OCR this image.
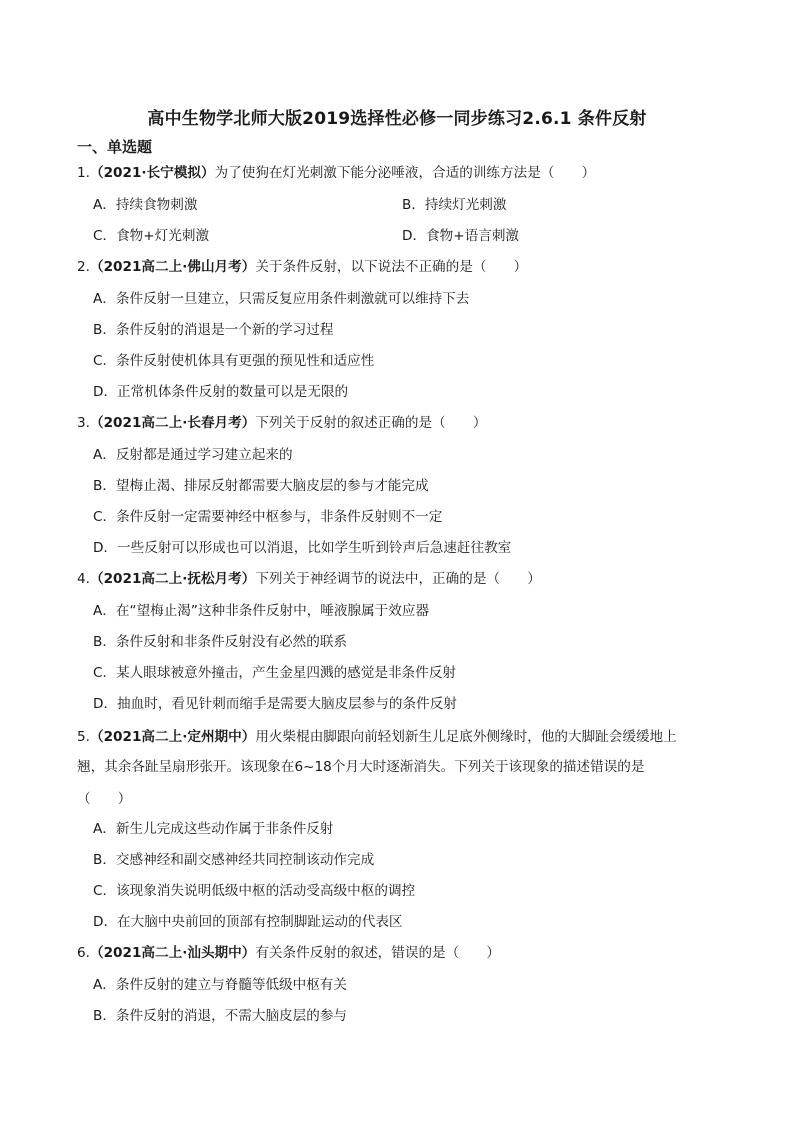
高中生物学北师大版2019选择性必修一同步练习2.6.1 条件反射
一、单选题
1.（2021·长宁模拟）为了使狗在灯光刺激下能分泌唾液，合适的训练方法是（　　）
A．持续食物刺激	B．持续灯光刺激
C．食物+灯光刺激	D．食物+语言刺激
2.（2021高二上·佛山月考）关于条件反射，以下说法不正确的是（　　）
A．条件反射一旦建立，只需反复应用条件刺激就可以维持下去
B．条件反射的消退是一个新的学习过程
C．条件反射使机体具有更强的预见性和适应性
D．正常机体条件反射的数量可以是无限的
3.（2021高二上·长春月考）下列关于反射的叙述正确的是（　　）
A．反射都是通过学习建立起来的
B．望梅止渴、排尿反射都需要大脑皮层的参与才能完成
C．条件反射一定需要神经中枢参与，非条件反射则不一定
D．一些反射可以形成也可以消退，比如学生听到铃声后急速赶往教室
4.（2021高二上·抚松月考）下列关于神经调节的说法中，正确的是（　　）
A．在“望梅止渴”这种非条件反射中，唾液腺属于效应器
B．条件反射和非条件反射没有必然的联系
C．某人眼球被意外撞击，产生金星四溅的感觉是非条件反射
D．抽血时，看见针刺而缩手是需要大脑皮层参与的条件反射
5.（2021高二上·定州期中）用火柴棍由脚跟向前轻划新生儿足底外侧缘时，他的大脚趾会缓缓地上
翘，其余各趾呈扇形张开。该现象在6~18个月大时逐渐消失。下列关于该现象的描述错误的是
（　　）
A．新生儿完成这些动作属于非条件反射
B．交感神经和副交感神经共同控制该动作完成
C．该现象消失说明低级中枢的活动受高级中枢的调控
D．在大脑中央前回的顶部有控制脚趾运动的代表区
6.（2021高二上·汕头期中）有关条件反射的叙述，错误的是（　　）
A．条件反射的建立与脊髓等低级中枢有关
B．条件反射的消退，不需大脑皮层的参与
